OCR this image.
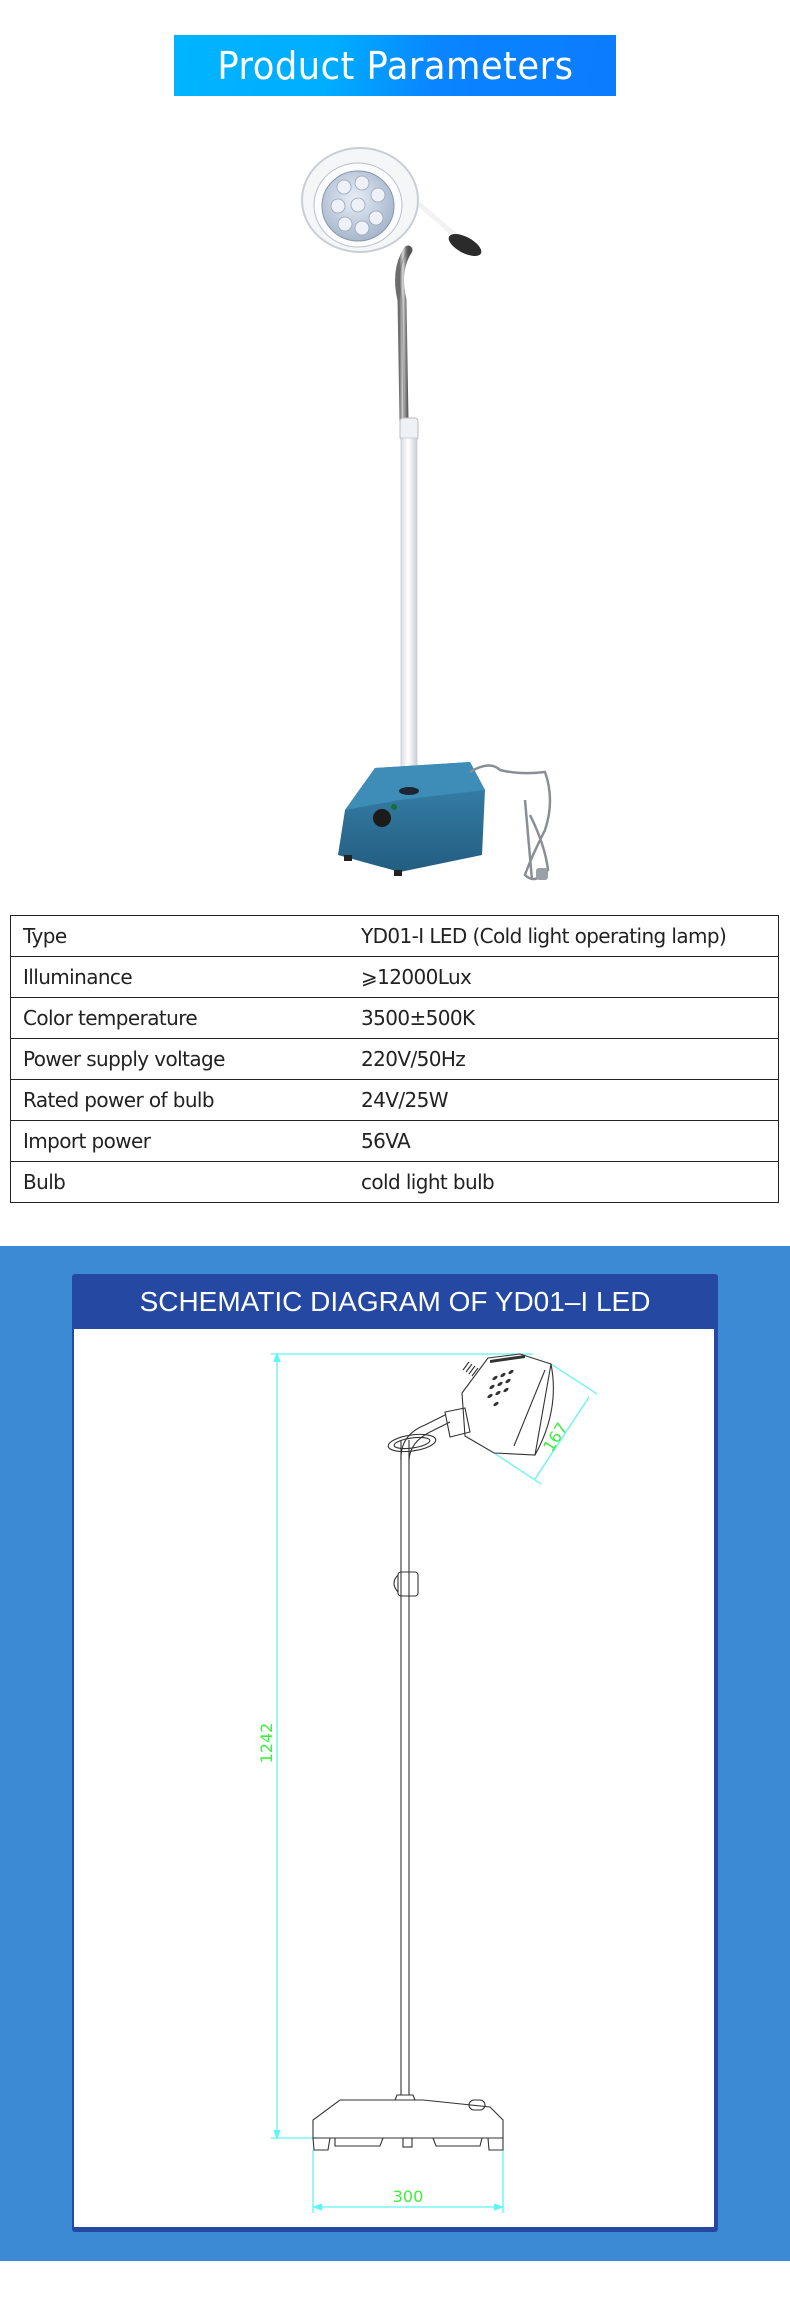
Product Parameters
Type	YD01-I LED (Cold light operating lamp)
Illuminance	⩾12000Lux
Color temperature	3500±500K
Power supply voltage	220V/50Hz
Rated power of bulb	24V/25W
Import power	56VA
Bulb	cold light bulb
SCHEMATIC DIAGRAM OF YD01–I LED
1242
167
300
